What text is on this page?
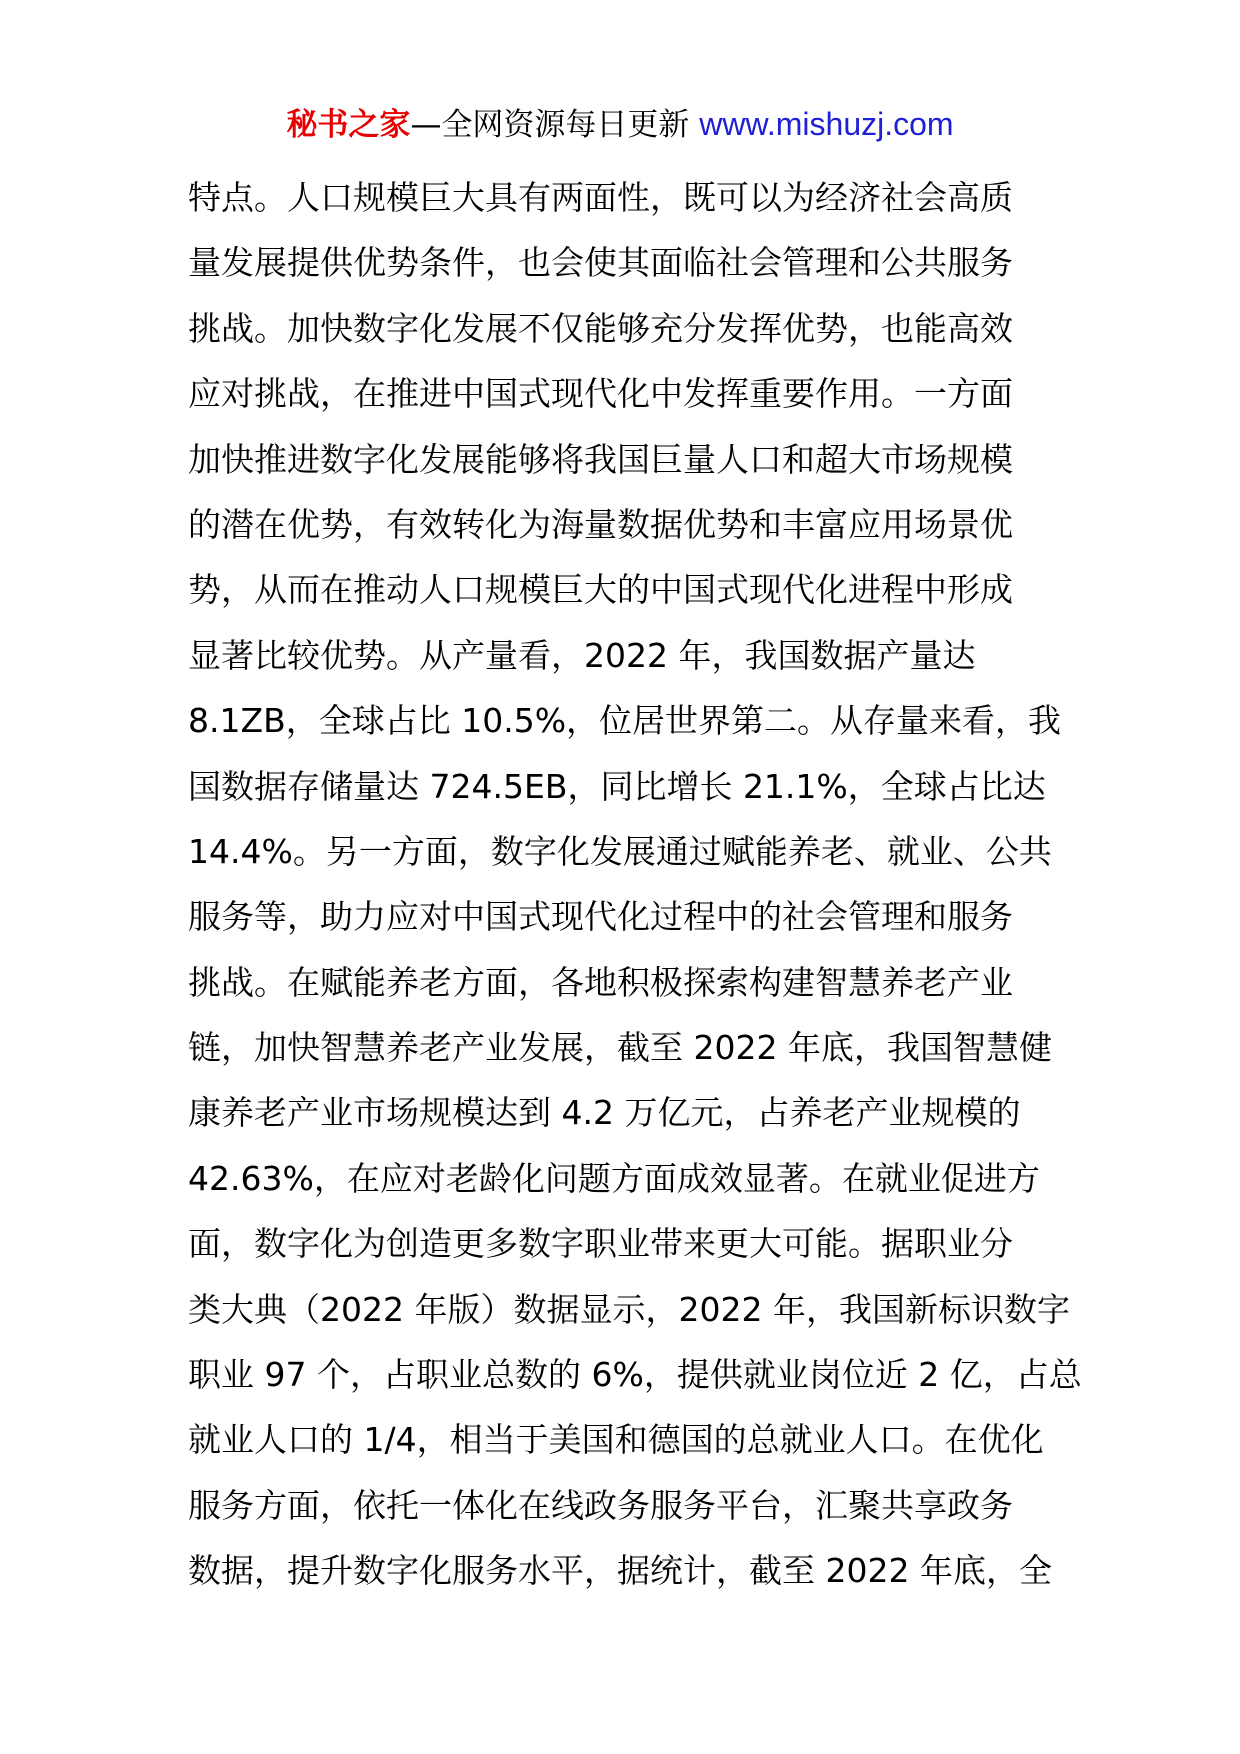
秘书之家—全网资源每日更新 www.mishuzj.com
特点。人口规模巨大具有两面性，既可以为经济社会高质
量发展提供优势条件，也会使其面临社会管理和公共服务
挑战。加快数字化发展不仅能够充分发挥优势，也能高效
应对挑战，在推进中国式现代化中发挥重要作用。一方面
加快推进数字化发展能够将我国巨量人口和超大市场规模
的潜在优势，有效转化为海量数据优势和丰富应用场景优
势，从而在推动人口规模巨大的中国式现代化进程中形成
显著比较优势。从产量看，2022 年，我国数据产量达
8.1ZB，全球占比 10.5%，位居世界第二。从存量来看，我
国数据存储量达 724.5EB，同比增长 21.1%，全球占比达
14.4%。另一方面，数字化发展通过赋能养老、就业、公共
服务等，助力应对中国式现代化过程中的社会管理和服务
挑战。在赋能养老方面，各地积极探索构建智慧养老产业
链，加快智慧养老产业发展，截至 2022 年底，我国智慧健
康养老产业市场规模达到 4.2 万亿元，占养老产业规模的
42.63%，在应对老龄化问题方面成效显著。在就业促进方
面，数字化为创造更多数字职业带来更大可能。据职业分
类大典（2022 年版）数据显示，2022 年，我国新标识数字
职业 97 个，占职业总数的 6%，提供就业岗位近 2 亿，占总
就业人口的 1/4，相当于美国和德国的总就业人口。在优化
服务方面，依托一体化在线政务服务平台，汇聚共享政务
数据，提升数字化服务水平，据统计，截至 2022 年底，全
